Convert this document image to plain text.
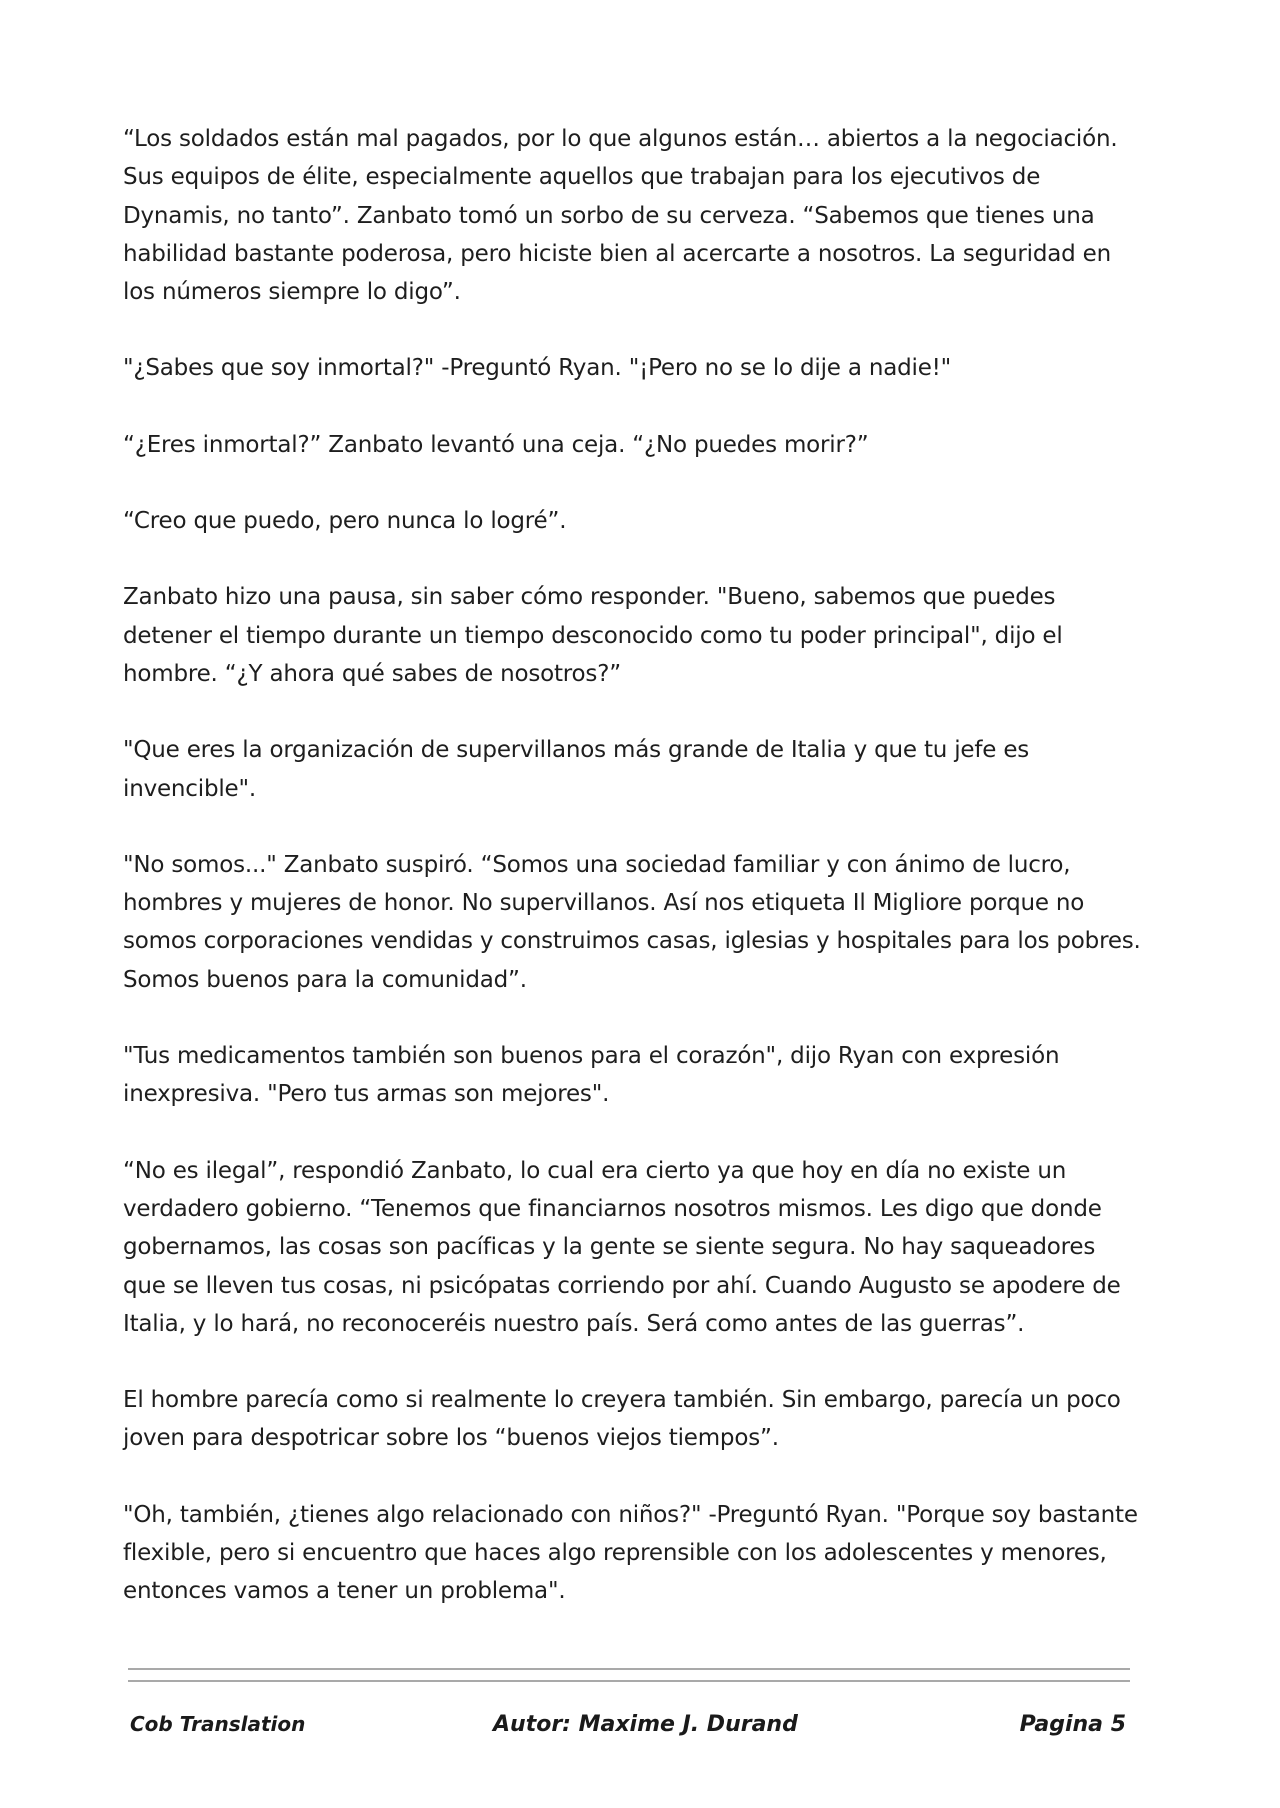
“Los soldados están mal pagados, por lo que algunos están… abiertos a la negociación. Sus equipos de élite, especialmente aquellos que trabajan para los ejecutivos de Dynamis, no tanto”. Zanbato tomó un sorbo de su cerveza. “Sabemos que tienes una habilidad bastante poderosa, pero hiciste bien al acercarte a nosotros. La seguridad en los números siempre lo digo”.

"¿Sabes que soy inmortal?" -Preguntó Ryan. "¡Pero no se lo dije a nadie!"

“¿Eres inmortal?” Zanbato levantó una ceja. “¿No puedes morir?”

“Creo que puedo, pero nunca lo logré”.

Zanbato hizo una pausa, sin saber cómo responder. "Bueno, sabemos que puedes detener el tiempo durante un tiempo desconocido como tu poder principal", dijo el hombre. “¿Y ahora qué sabes de nosotros?”

"Que eres la organización de supervillanos más grande de Italia y que tu jefe es invencible".

"No somos..." Zanbato suspiró. “Somos una sociedad familiar y con ánimo de lucro, hombres y mujeres de honor. No supervillanos. Así nos etiqueta Il Migliore porque no somos corporaciones vendidas y construimos casas, iglesias y hospitales para los pobres. Somos buenos para la comunidad”.

"Tus medicamentos también son buenos para el corazón", dijo Ryan con expresión inexpresiva. "Pero tus armas son mejores".

“No es ilegal”, respondió Zanbato, lo cual era cierto ya que hoy en día no existe un verdadero gobierno. “Tenemos que financiarnos nosotros mismos. Les digo que donde gobernamos, las cosas son pacíficas y la gente se siente segura. No hay saqueadores que se lleven tus cosas, ni psicópatas corriendo por ahí. Cuando Augusto se apodere de Italia, y lo hará, no reconoceréis nuestro país. Será como antes de las guerras”.

El hombre parecía como si realmente lo creyera también. Sin embargo, parecía un poco joven para despotricar sobre los “buenos viejos tiempos”.

"Oh, también, ¿tienes algo relacionado con niños?" -Preguntó Ryan. "Porque soy bastante flexible, pero si encuentro que haces algo reprensible con los adolescentes y menores, entonces vamos a tener un problema".

Cob Translation	Autor: Maxime J. Durand	Pagina 5
